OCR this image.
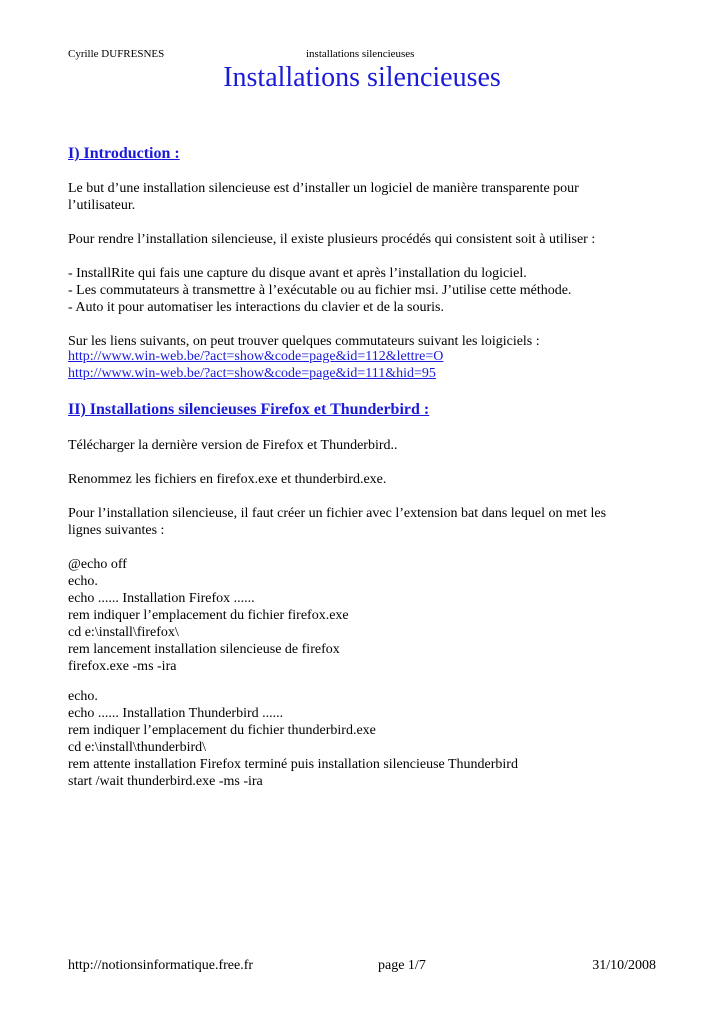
Cyrille DUFRESNES	installations silencieuses
Installations silencieuses
I) Introduction :
Le but d’une installation silencieuse est d’installer un logiciel de manière transparente pour
l’utilisateur.
Pour rendre l’installation silencieuse, il existe plusieurs procédés qui consistent soit à utiliser :
- InstallRite qui fais une capture du disque avant et après l’installation du logiciel.
- Les commutateurs à transmettre à l’exécutable ou au fichier msi. J’utilise cette méthode.
- Auto it pour automatiser les interactions du clavier et de la souris.
Sur les liens suivants, on peut trouver quelques commutateurs suivant les loigiciels :
http://www.win-web.be/?act=show&code=page&id=112&lettre=O
http://www.win-web.be/?act=show&code=page&id=111&hid=95
II) Installations silencieuses Firefox et Thunderbird :
Télécharger la dernière version de Firefox et Thunderbird..
Renommez les fichiers en firefox.exe et thunderbird.exe.
Pour l’installation silencieuse, il faut créer un fichier avec l’extension bat dans lequel on met les
lignes suivantes :
@echo off
echo.
echo ...... Installation Firefox ......
rem indiquer l’emplacement du fichier firefox.exe
cd e:\install\firefox\
rem lancement installation silencieuse de firefox
firefox.exe -ms -ira
echo.
echo ...... Installation Thunderbird ......
rem indiquer l’emplacement du fichier thunderbird.exe
cd e:\install\thunderbird\
rem attente installation Firefox terminé puis installation silencieuse Thunderbird
start /wait thunderbird.exe -ms -ira
http://notionsinformatique.free.fr	page 1/7	31/10/2008
